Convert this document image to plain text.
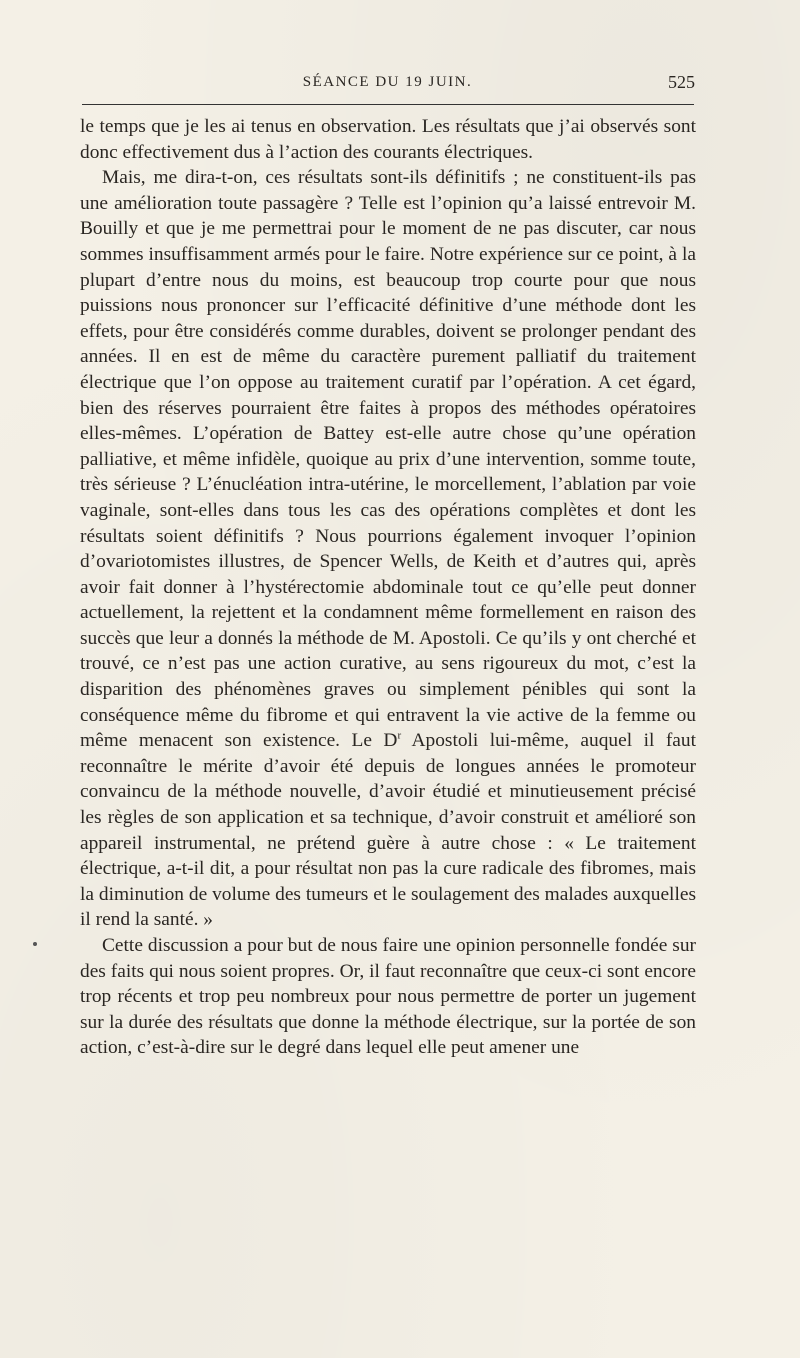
SÉANCE DU 19 JUIN.	525

le temps que je les ai tenus en observation. Les résultats que j’ai observés sont donc effectivement dus à l’action des courants électriques.

Mais, me dira-t-on, ces résultats sont-ils définitifs ; ne constituent-ils pas une amélioration toute passagère ? Telle est l’opinion qu’a laissé entrevoir M. Bouilly et que je me permettrai pour le moment de ne pas discuter, car nous sommes insuffisamment armés pour le faire. Notre expérience sur ce point, à la plupart d’entre nous du moins, est beaucoup trop courte pour que nous puissions nous prononcer sur l’efficacité définitive d’une méthode dont les effets, pour être considérés comme durables, doivent se prolonger pendant des années. Il en est de même du caractère purement palliatif du traitement électrique que l’on oppose au traitement curatif par l’opération. A cet égard, bien des réserves pourraient être faites à propos des méthodes opératoires elles-mêmes. L’opération de Battey est-elle autre chose qu’une opération palliative, et même infidèle, quoique au prix d’une intervention, somme toute, très sérieuse ? L’énucléation intra-utérine, le morcellement, l’ablation par voie vaginale, sont-elles dans tous les cas des opérations complètes et dont les résultats soient définitifs ? Nous pourrions également invoquer l’opinion d’ovariotomistes illustres, de Spencer Wells, de Keith et d’autres qui, après avoir fait donner à l’hystérectomie abdominale tout ce qu’elle peut donner actuellement, la rejettent et la condamnent même formellement en raison des succès que leur a donnés la méthode de M. Apostoli. Ce qu’ils y ont cherché et trouvé, ce n’est pas une action curative, au sens rigoureux du mot, c’est la disparition des phénomènes graves ou simplement pénibles qui sont la conséquence même du fibrome et qui entravent la vie active de la femme ou même menacent son existence. Le $D^r$ Apostoli lui-même, auquel il faut reconnaître le mérite d’avoir été depuis de longues années le promoteur convaincu de la méthode nouvelle, d’avoir étudié et minutieusement précisé les règles de son application et sa technique, d’avoir construit et amélioré son appareil instrumental, ne prétend guère à autre chose : « Le traitement électrique, a-t-il dit, a pour résultat non pas la cure radicale des fibromes, mais la diminution de volume des tumeurs et le soulagement des malades auxquelles il rend la santé. »

Cette discussion a pour but de nous faire une opinion personnelle fondée sur des faits qui nous soient propres. Or, il faut reconnaître que ceux-ci sont encore trop récents et trop peu nombreux pour nous permettre de porter un jugement sur la durée des résultats que donne la méthode électrique, sur la portée de son action, c’est-à-dire sur le degré dans lequel elle peut amener une
